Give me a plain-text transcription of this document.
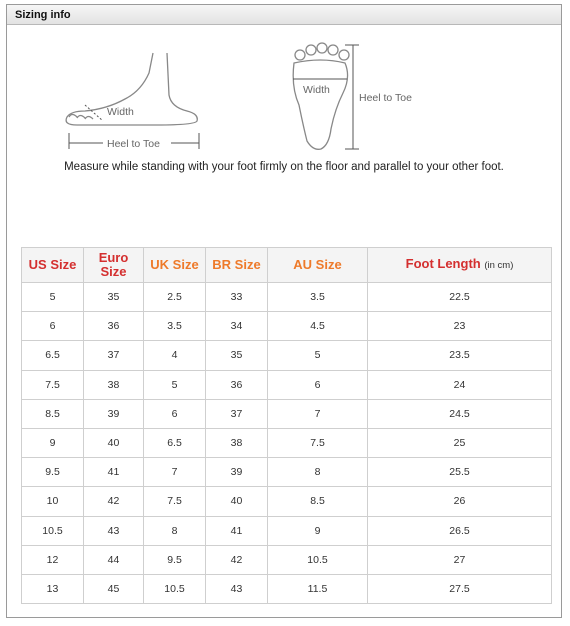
Sizing info
Width
Heel to Toe
Width
Heel to Toe
Measure while standing with your foot firmly on the floor and parallel to your other foot.
US Size	Euro
Size	UK Size	BR Size	AU Size	Foot Length (in cm)
5	35	2.5	33	3.5	22.5
6	36	3.5	34	4.5	23
6.5	37	4	35	5	23.5
7.5	38	5	36	6	24
8.5	39	6	37	7	24.5
9	40	6.5	38	7.5	25
9.5	41	7	39	8	25.5
10	42	7.5	40	8.5	26
10.5	43	8	41	9	26.5
12	44	9.5	42	10.5	27
13	45	10.5	43	11.5	27.5
